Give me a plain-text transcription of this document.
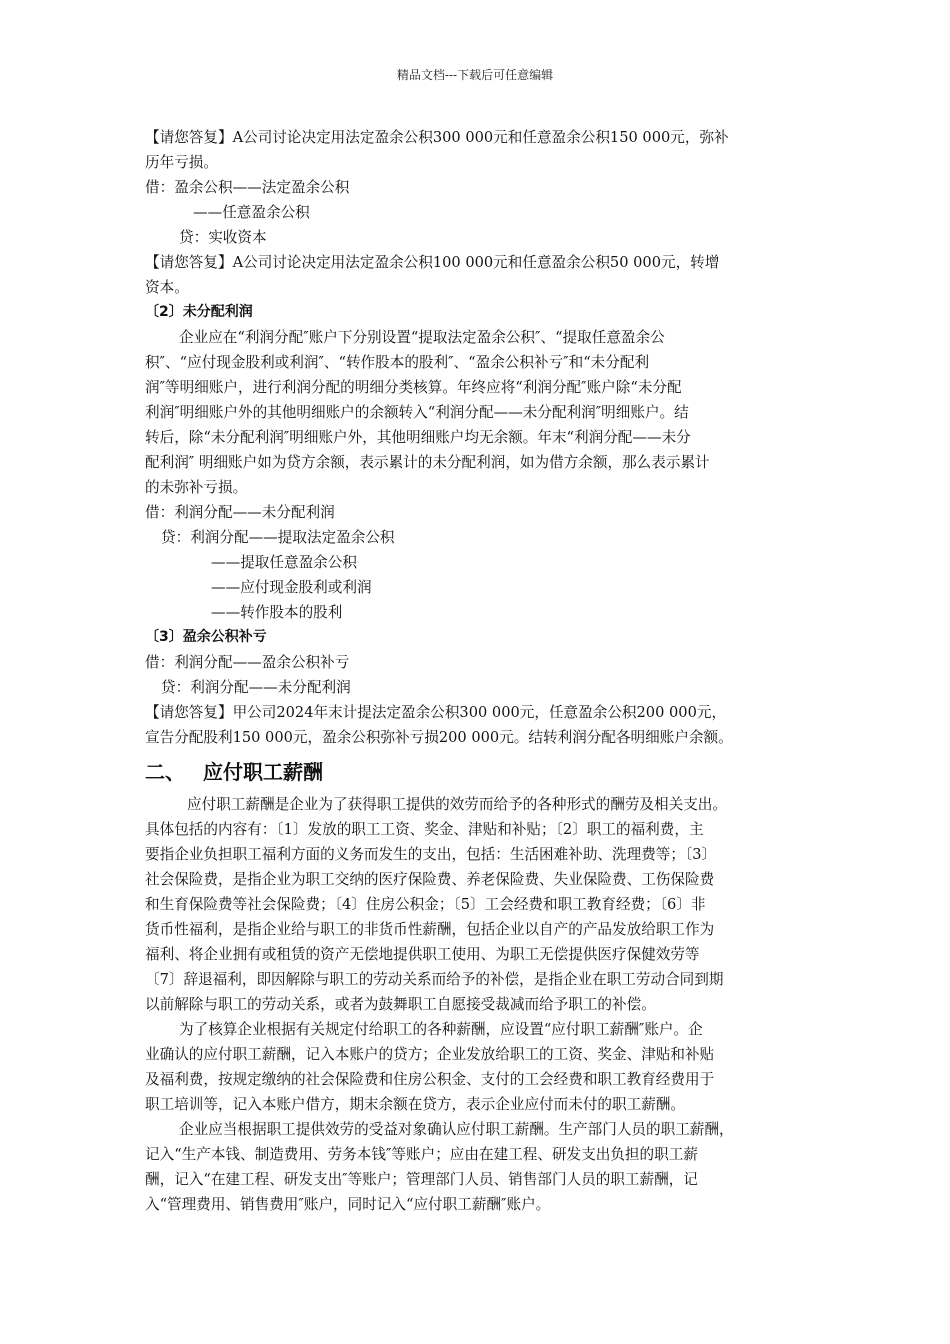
精品文档---下载后可任意编辑
【请您答复】A公司讨论决定用法定盈余公积300 000元和任意盈余公积150 000元，弥补
历年亏损。
借：盈余公积——法定盈余公积
——任意盈余公积
贷：实收资本
【请您答复】A公司讨论决定用法定盈余公积100 000元和任意盈余公积50 000元，转增
资本。
〔2〕未分配利润
企业应在“利润分配″账户下分别设置“提取法定盈余公积″、“提取任意盈余公
积″、“应付现金股利或利润″、“转作股本的股利″、“盈余公积补亏″和“未分配利
润″等明细账户，进行利润分配的明细分类核算。年终应将“利润分配″账户除“未分配
利润″明细账户外的其他明细账户的余额转入“利润分配——未分配利润″明细账户。结
转后，除“未分配利润″明细账户外，其他明细账户均无余额。年末“利润分配——未分
配利润″ 明细账户如为贷方余额，表示累计的未分配利润，如为借方余额，那么表示累计
的未弥补亏损。
借：利润分配——未分配利润
贷：利润分配——提取法定盈余公积
——提取任意盈余公积
——应付现金股利或利润
——转作股本的股利
〔3〕盈余公积补亏
借：利润分配——盈余公积补亏
贷：利润分配——未分配利润
【请您答复】甲公司2024年末计提法定盈余公积300 000元，任意盈余公积200 000元，
宣告分配股利150 000元，盈余公积弥补亏损200 000元。结转利润分配各明细账户余额。
二、 应付职工薪酬
应付职工薪酬是企业为了获得职工提供的效劳而给予的各种形式的酬劳及相关支出。
具体包括的内容有：〔1〕发放的职工工资、奖金、津贴和补贴；〔2〕职工的福利费，主
要指企业负担职工福利方面的义务而发生的支出，包括：生活困难补助、洗理费等；〔3〕
社会保险费，是指企业为职工交纳的医疗保险费、养老保险费、失业保险费、工伤保险费
和生育保险费等社会保险费；〔4〕住房公积金；〔5〕工会经费和职工教育经费；〔6〕非
货币性福利，是指企业给与职工的非货币性薪酬，包括企业以自产的产品发放给职工作为
福利、将企业拥有或租赁的资产无偿地提供职工使用、为职工无偿提供医疗保健效劳等
〔7〕辞退福利，即因解除与职工的劳动关系而给予的补偿，是指企业在职工劳动合同到期
以前解除与职工的劳动关系，或者为鼓舞职工自愿接受裁减而给予职工的补偿。
为了核算企业根据有关规定付给职工的各种薪酬，应设置“应付职工薪酬″账户。企
业确认的应付职工薪酬，记入本账户的贷方；企业发放给职工的工资、奖金、津贴和补贴
及福利费，按规定缴纳的社会保险费和住房公积金、支付的工会经费和职工教育经费用于
职工培训等，记入本账户借方，期末余额在贷方，表示企业应付而未付的职工薪酬。
企业应当根据职工提供效劳的受益对象确认应付职工薪酬。生产部门人员的职工薪酬，
记入“生产本钱、制造费用、劳务本钱″等账户；应由在建工程、研发支出负担的职工薪
酬，记入“在建工程、研发支出″等账户；管理部门人员、销售部门人员的职工薪酬，记
入“管理费用、销售费用″账户，同时记入“应付职工薪酬″账户。
